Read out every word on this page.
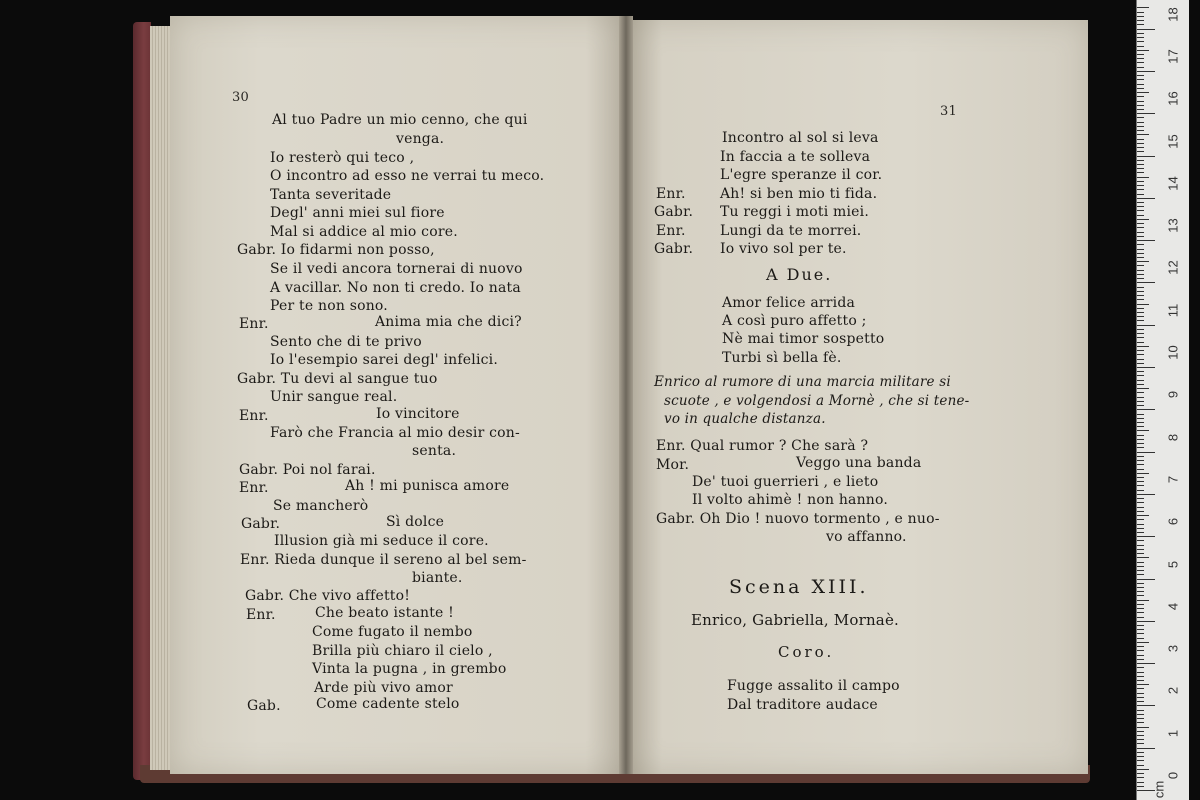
30
Al tuo Padre un mio cenno, che qui
venga.
Io resterò qui teco ,
O incontro ad esso ne verrai tu meco.
Tanta severitade
Degl' anni miei sul fiore
Mal si addice al mio core.
Gabr. Io fidarmi non posso,
Se il vedi ancora tornerai di nuovo
A vacillar. No non ti credo. Io nata
Per te non sono.
Enr.	Anima mia che dici?
Sento che di te privo
Io l'esempio sarei degl' infelici.
Gabr. Tu devi al sangue tuo
Unir sangue real.
Enr.	Io vincitore
Farò che Francia al mio desir con-
senta.
Gabr. Poi nol farai.
Enr.	Ah ! mi punisca amore
Se mancherò
Gabr.	Sì dolce
Illusion già mi seduce il core.
Enr. Rieda dunque il sereno al bel sem-
biante.
Gabr. Che vivo affetto!
Enr.	Che beato istante !
Come fugato il nembo
Brilla più chiaro il cielo ,
Vinta la pugna , in grembo
Arde più vivo amor
Gab.	Come cadente stelo
31
Incontro al sol si leva
In faccia a te solleva
L'egre speranze il cor.
Enr. Ah! si ben mio ti fida.
Gabr. Tu reggi i moti miei.
Enr. Lungi da te morrei.
Gabr. Io vivo sol per te.
A Due.
Amor felice arrida
A così puro affetto ;
Nè mai timor sospetto
Turbi sì bella fè.
Enrico al rumore di una marcia militare si
scuote , e volgendosi a Mornè , che si tene-
vo in qualche distanza.
Enr. Qual rumor ? Che sarà ?
Mor.	Veggo una banda
De' tuoi guerrieri , e lieto
Il volto ahimè ! non hanno.
Gabr. Oh Dio ! nuovo tormento , e nuo-
vo affanno.
Scena XIII.
Enrico, Gabriella, Mornaè.
Coro.
Fugge assalito il campo
Dal traditore audace
0
1
2
3
4
5
6
7
8
9
10
11
12
13
14
15
16
17
18
cm
